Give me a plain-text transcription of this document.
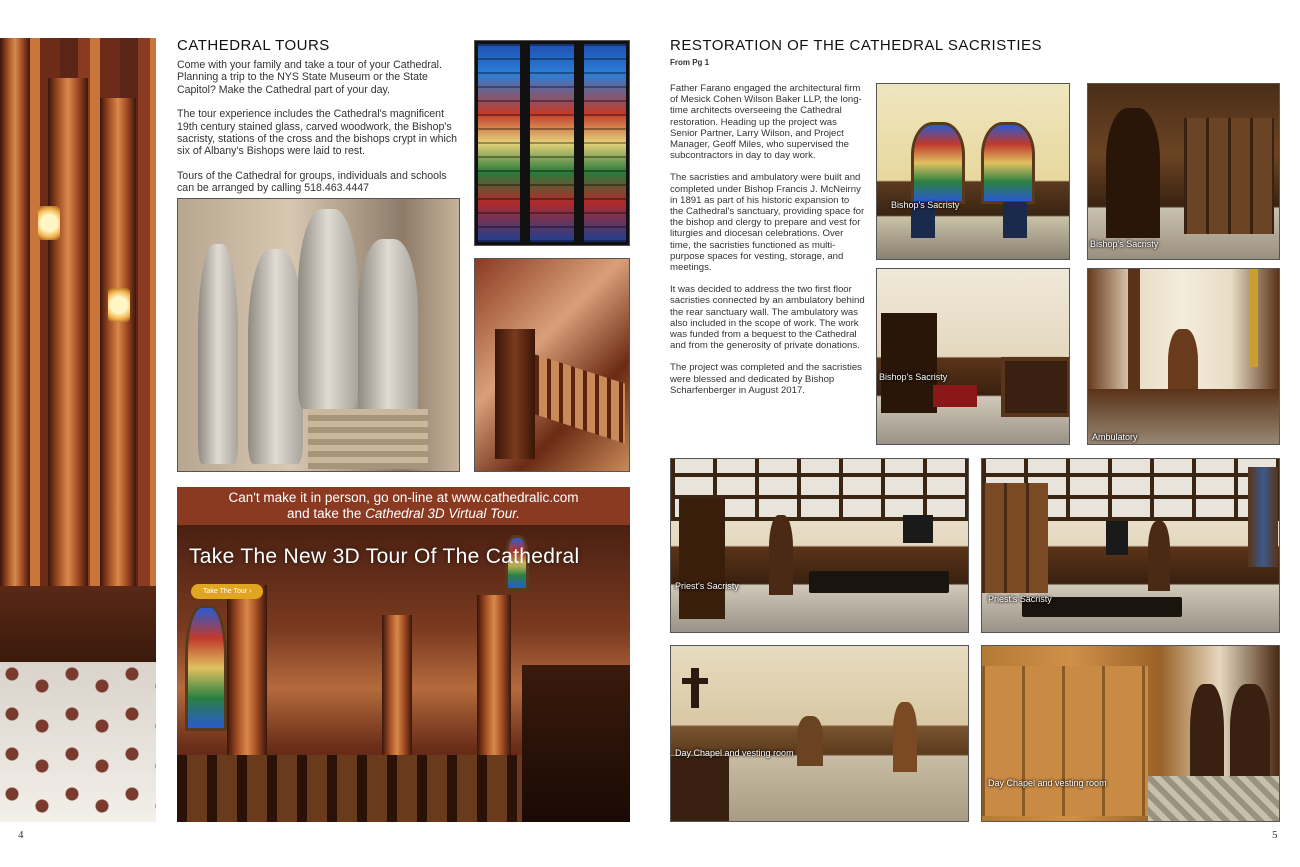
CATHEDRAL TOURS

Come with your family and take a tour of your Cathedral. Planning a trip to the NYS State Museum or the State Capitol? Make the Cathedral part of your day.

The tour experience includes the Cathedral's magnificent 19th century stained glass, carved woodwork, the Bishop's sacristy, stations of the cross and the bishops crypt in which six of Albany's Bishops were laid to rest.

Tours of the Cathedral for groups, individuals and schools can be arranged by calling 518.463.4447

Can't make it in person, go on-line at www.cathedralic.com
and take the Cathedral 3D Virtual Tour.
Take The New 3D Tour Of The Cathedral
Take The Tour ›
4
RESTORATION OF THE CATHEDRAL SACRISTIES
From Pg 1

Father Farano engaged the architectural firm of Mesick Cohen Wilson Baker LLP, the long- time architects overseeing the Cathedral restoration. Heading up the project was Senior Partner, Larry Wilson, and Project Manager, Geoff Miles, who supervised the subcontractors in day to day work.

The sacristies and ambulatory were built and completed under Bishop Francis J. McNeirny in 1891 as part of his historic expansion to the Cathedral's sanctuary, providing space for the bishop and clergy to prepare and vest for liturgies and diocesan celebrations. Over time, the sacristies functioned as multi-purpose spaces for vesting, storage, and meetings.

It was decided to address the two first floor sacristies connected by an ambulatory behind the rear sanctuary wall. The ambulatory was also included in the scope of work. The work was funded from a bequest to the Cathedral and from the generosity of private donations.

The project was completed and the sacristies were blessed and dedicated by Bishop Scharfenberger in August 2017.

Bishop's Sacristy
Bishop's Sacristy
Bishop's Sacristy
Ambulatory
Priest's Sacristy
Priest's Sacristy
Day Chapel and vesting room
Day Chapel and vesting room
5
